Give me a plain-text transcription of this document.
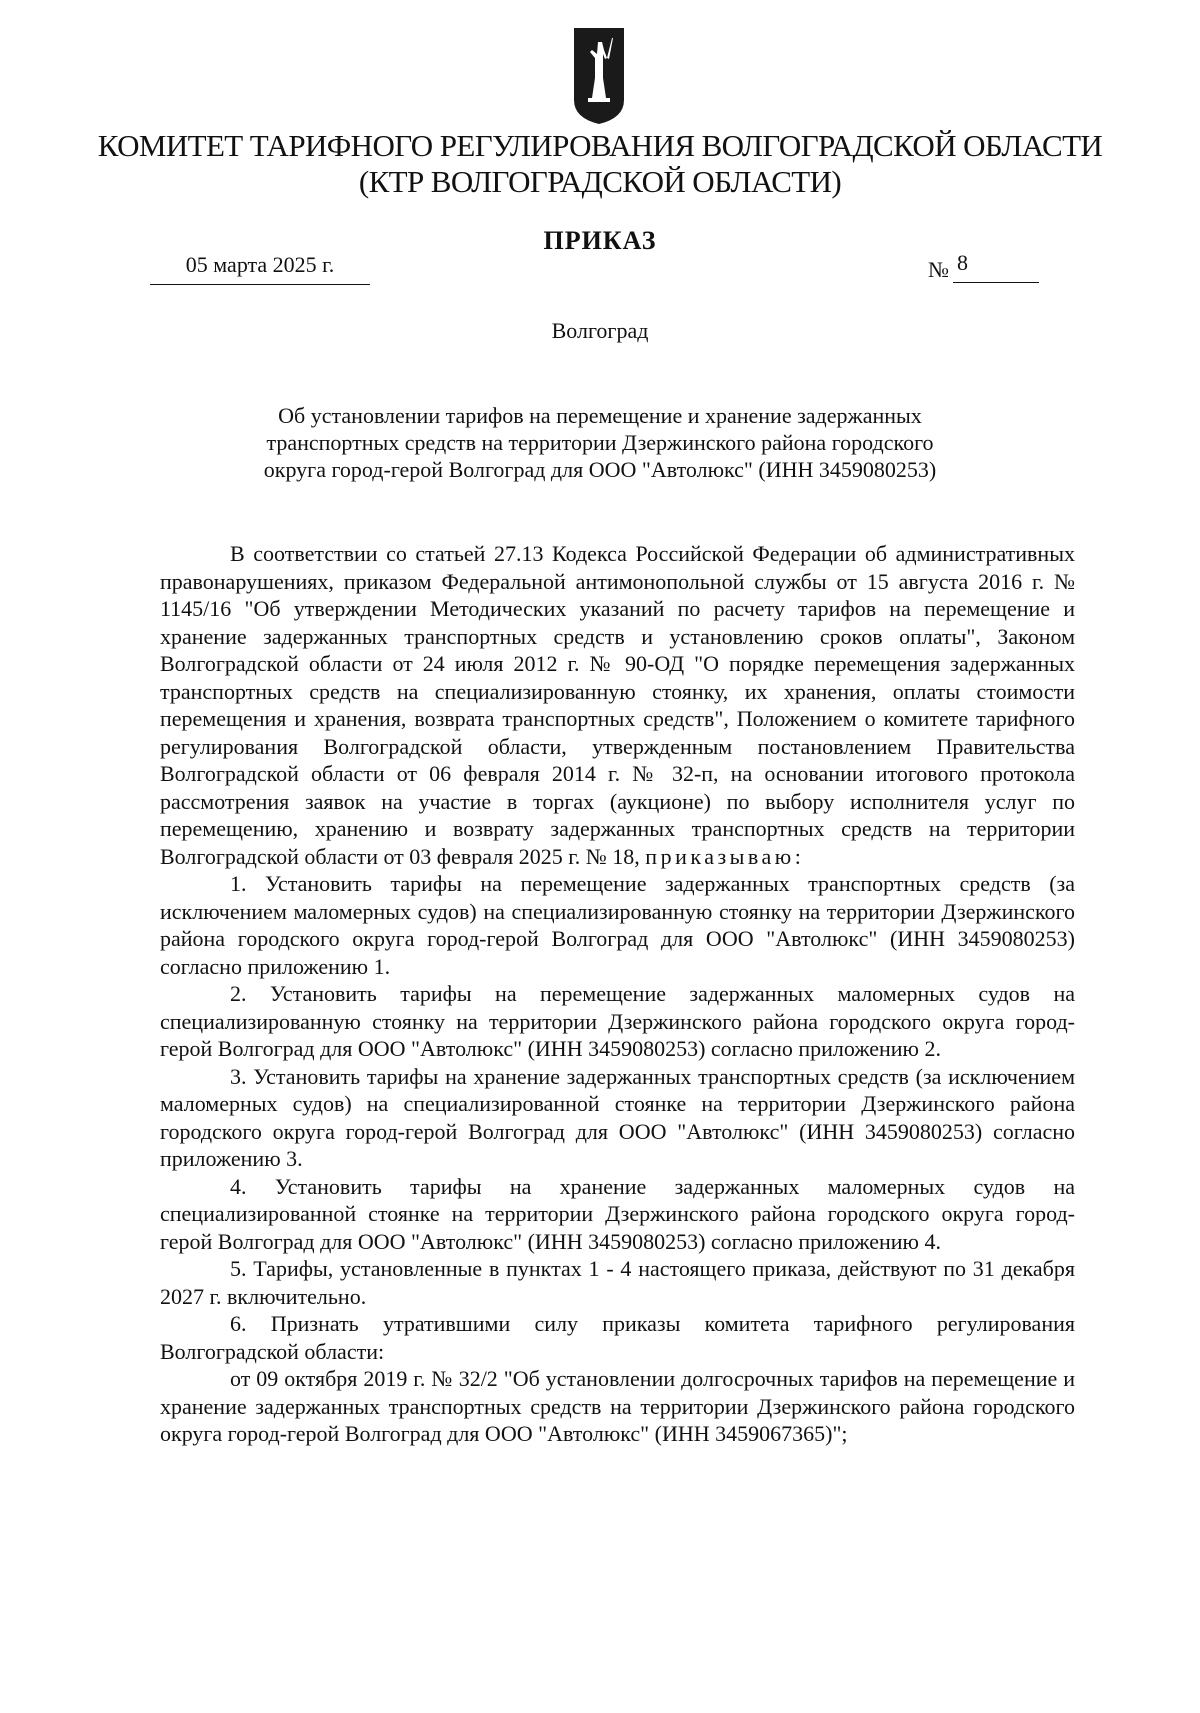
КОМИТЕТ ТАРИФНОГО РЕГУЛИРОВАНИЯ ВОЛГОГРАДСКОЙ ОБЛАСТИ
(КТР ВОЛГОГРАДСКОЙ ОБЛАСТИ)
ПРИКАЗ
05 марта 2025 г.	№ 8
Волгоград
Об установлении тарифов на перемещение и хранение задержанных
транспортных средств на территории Дзержинского района городского
округа город-герой Волгоград для ООО "Автолюкс" (ИНН 3459080253)

В соответствии со статьей 27.13 Кодекса Российской Федерации об административных правонарушениях, приказом Федеральной антимонопольной службы от 15 августа 2016 г. № 1145/16 "Об утверждении Методических указаний по расчету тарифов на перемещение и хранение задержанных транспортных средств и установлению сроков оплаты", Законом Волгоградской области от 24 июля 2012 г. № 90-ОД "О порядке перемещения задержанных транспортных средств на специализированную стоянку, их хранения, оплаты стоимости перемещения и хранения, возврата транспортных средств", Положением о комитете тарифного регулирования Волгоградской области, утвержденным постановлением Правительства Волгоградской области от 06 февраля 2014 г. № 32-п, на основании итогового протокола рассмотрения заявок на участие в торгах (аукционе) по выбору исполнителя услуг по перемещению, хранению и возврату задержанных транспортных средств на территории Волгоградской области от 03 февраля 2025 г. № 18, приказываю:

1. Установить тарифы на перемещение задержанных транспортных средств (за исключением маломерных судов) на специализированную стоянку на территории Дзержинского района городского округа город-герой Волгоград для ООО "Автолюкс" (ИНН 3459080253) согласно приложению 1.

2. Установить тарифы на перемещение задержанных маломерных судов на специализированную стоянку на территории Дзержинского района городского округа город-герой Волгоград для ООО "Автолюкс" (ИНН 3459080253) согласно приложению 2.

3. Установить тарифы на хранение задержанных транспортных средств (за исключением маломерных судов) на специализированной стоянке на территории Дзержинского района городского округа город-герой Волгоград для ООО "Автолюкс" (ИНН 3459080253) согласно приложению 3.

4. Установить тарифы на хранение задержанных маломерных судов на специализированной стоянке на территории Дзержинского района городского округа город-герой Волгоград для ООО "Автолюкс" (ИНН 3459080253) согласно приложению 4.

5. Тарифы, установленные в пунктах 1 - 4 настоящего приказа, действуют по 31 декабря 2027 г. включительно.

6. Признать утратившими силу приказы комитета тарифного регулирования Волгоградской области:

от 09 октября 2019 г. № 32/2 "Об установлении долгосрочных тарифов на перемещение и хранение задержанных транспортных средств на территории Дзержинского района городского округа город-герой Волгоград для ООО "Автолюкс" (ИНН 3459067365)";
